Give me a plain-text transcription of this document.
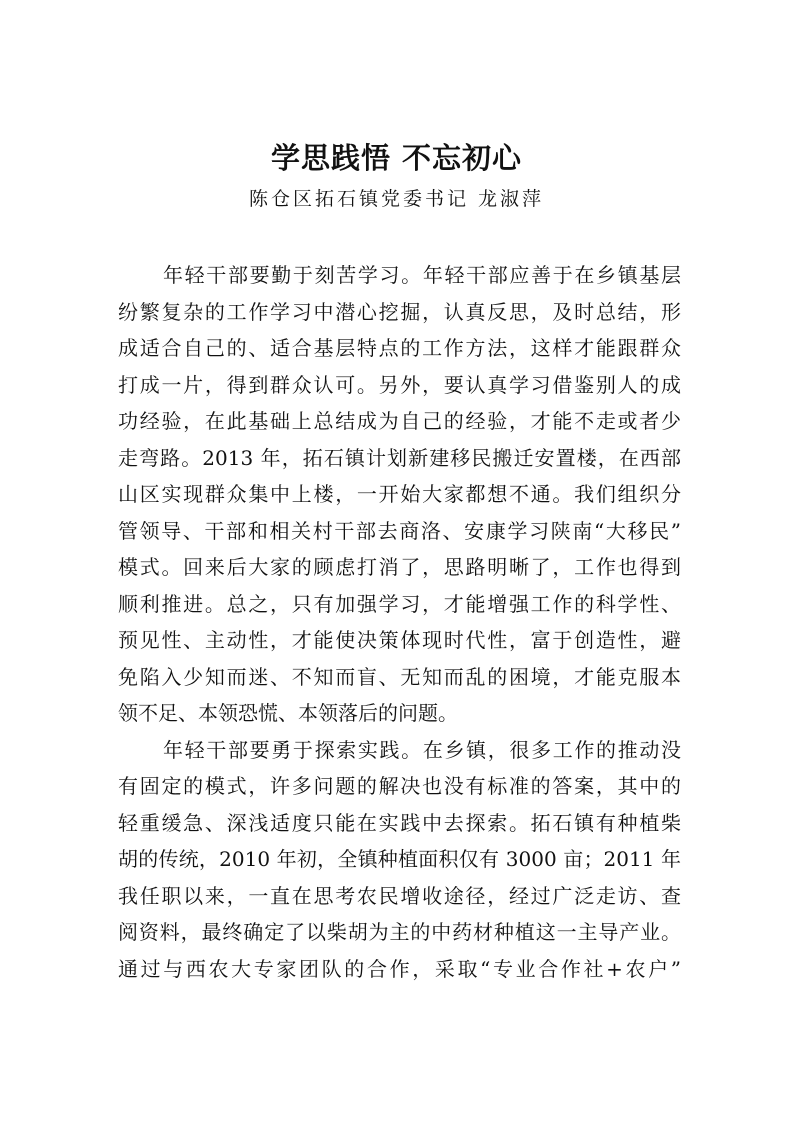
学思践悟 不忘初心
陈仓区拓石镇党委书记 龙淑萍
年轻干部要勤于刻苦学习。年轻干部应善于在乡镇基层
纷繁复杂的工作学习中潜心挖掘，认真反思，及时总结，形
成适合自己的、适合基层特点的工作方法，这样才能跟群众
打成一片，得到群众认可。另外，要认真学习借鉴别人的成
功经验，在此基础上总结成为自己的经验，才能不走或者少
走弯路。2013 年，拓石镇计划新建移民搬迁安置楼，在西部
山区实现群众集中上楼，一开始大家都想不通。我们组织分
管领导、干部和相关村干部去商洛、安康学习陕南“大移民”
模式。回来后大家的顾虑打消了，思路明晰了，工作也得到
顺利推进。总之，只有加强学习，才能增强工作的科学性、
预见性、主动性，才能使决策体现时代性，富于创造性，避
免陷入少知而迷、不知而盲、无知而乱的困境，才能克服本
领不足、本领恐慌、本领落后的问题。
年轻干部要勇于探索实践。在乡镇，很多工作的推动没
有固定的模式，许多问题的解决也没有标准的答案，其中的
轻重缓急、深浅适度只能在实践中去探索。拓石镇有种植柴
胡的传统，2010 年初，全镇种植面积仅有 3000 亩；2011 年
我任职以来，一直在思考农民增收途径，经过广泛走访、查
阅资料，最终确定了以柴胡为主的中药材种植这一主导产业。
通过与西农大专家团队的合作，采取“专业合作社+农户”
